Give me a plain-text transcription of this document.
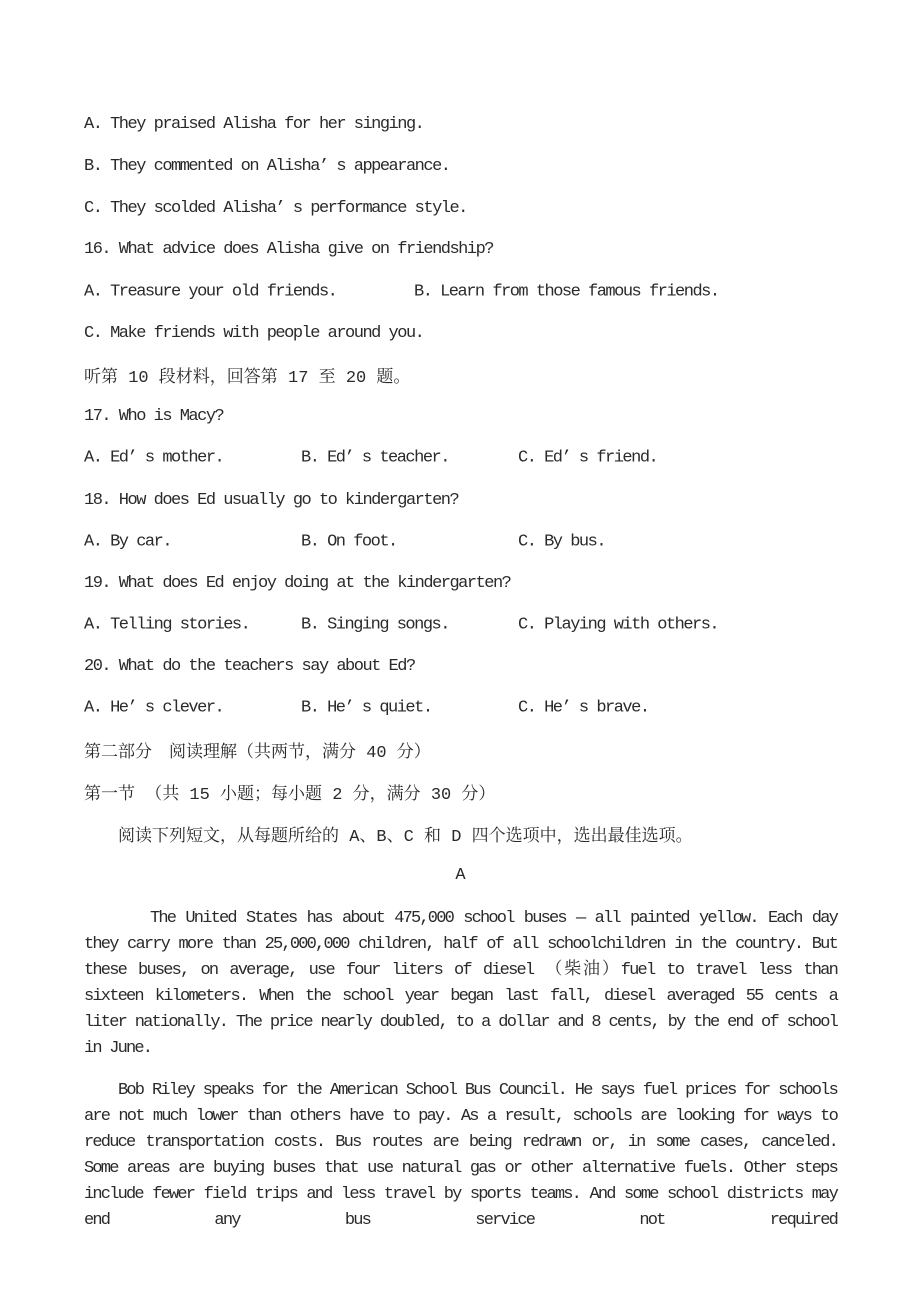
A. They praised Alisha for her singing.
B. They commented on Alisha’ s appearance.
C. They scolded Alisha’ s performance style.
16. What advice does Alisha give on friendship?
A. Treasure your old friends.	B. Learn from those famous friends.
C. Make friends with people around you.
听第 10 段材料，回答第 17 至 20 题。
17. Who is Macy?
A. Ed’ s mother.	B. Ed’ s teacher.	C. Ed’ s friend.
18. How does Ed usually go to kindergarten?
A. By car.	B. On foot.	C. By bus.
19. What does Ed enjoy doing at the kindergarten?
A. Telling stories.	B. Singing songs.	C. Playing with others.
20. What do the teachers say about Ed?
A. He’ s clever.	B. He’ s quiet.	C. He’ s brave.
第二部分　阅读理解（共两节，满分 40 分）
第一节 （共 15 小题；每小题 2 分，满分 30 分）
阅读下列短文，从每题所给的 A、B、C 和 D 四个选项中，选出最佳选项。
A

The United States has about 475,000 school buses — all painted yellow. Each day they carry more than 25,000,000 children, half of all schoolchildren in the country. But these buses, on average, use four liters of diesel （柴油）fuel to travel less than sixteen kilometers. When the school year began last fall, diesel averaged 55 cents a liter nationally. The price nearly doubled, to a dollar and 8 cents, by the end of school in June.

Bob Riley speaks for the American School Bus Council. He says fuel prices for schools are not much lower than others have to pay. As a result, schools are looking for ways to reduce transportation costs. Bus routes are being redrawn or, in some cases, canceled. Some areas are buying buses that use natural gas or other alternative fuels. Other steps include fewer field trips and less travel by sports teams. And some school districts may end any bus service not required
